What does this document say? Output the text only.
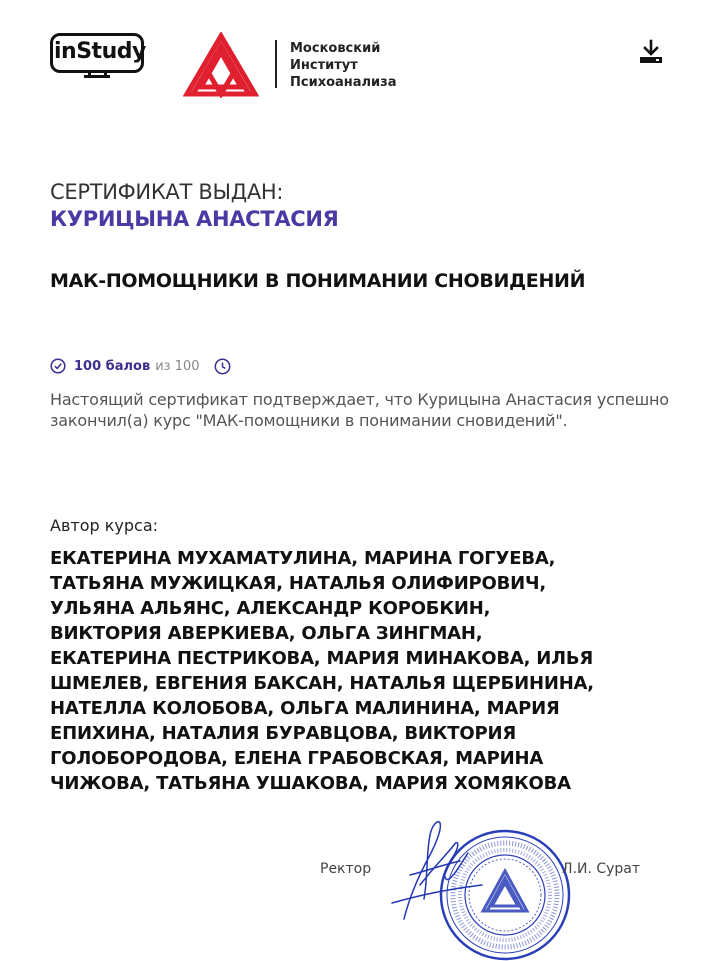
inStudy	Московский
Институт
Психоанализа
СЕРТИФИКАТ ВЫДАН:
КУРИЦЫНА АНАСТАСИЯ
МАК-ПОМОЩНИКИ В ПОНИМАНИИ СНОВИДЕНИЙ
100 балов из 100
Настоящий сертификат подтверждает, что Курицына Анастасия успешно закончил(а) курс "МАК-помощники в понимании сновидений".
Автор курса:
ЕКАТЕРИНА МУХАМАТУЛИНА, МАРИНА ГОГУЕВА,
ТАТЬЯНА МУЖИЦКАЯ, НАТАЛЬЯ ОЛИФИРОВИЧ,
УЛЬЯНА АЛЬЯНС, АЛЕКСАНДР КОРОБКИН,
ВИКТОРИЯ АВЕРКИЕВА, ОЛЬГА ЗИНГМАН,
ЕКАТЕРИНА ПЕСТРИКОВА, МАРИЯ МИНАКОВА, ИЛЬЯ
ШМЕЛЕВ, ЕВГЕНИЯ БАКСАН, НАТАЛЬЯ ЩЕРБИНИНА,
НАТЕЛЛА КОЛОБОВА, ОЛЬГА МАЛИНИНА, МАРИЯ
ЕПИХИНА, НАТАЛИЯ БУРАВЦОВА, ВИКТОРИЯ
ГОЛОБОРОДОВА, ЕЛЕНА ГРАБОВСКАЯ, МАРИНА
ЧИЖОВА, ТАТЬЯНА УШАКОВА, МАРИЯ ХОМЯКОВА
Ректор	Л.И. Сурат
